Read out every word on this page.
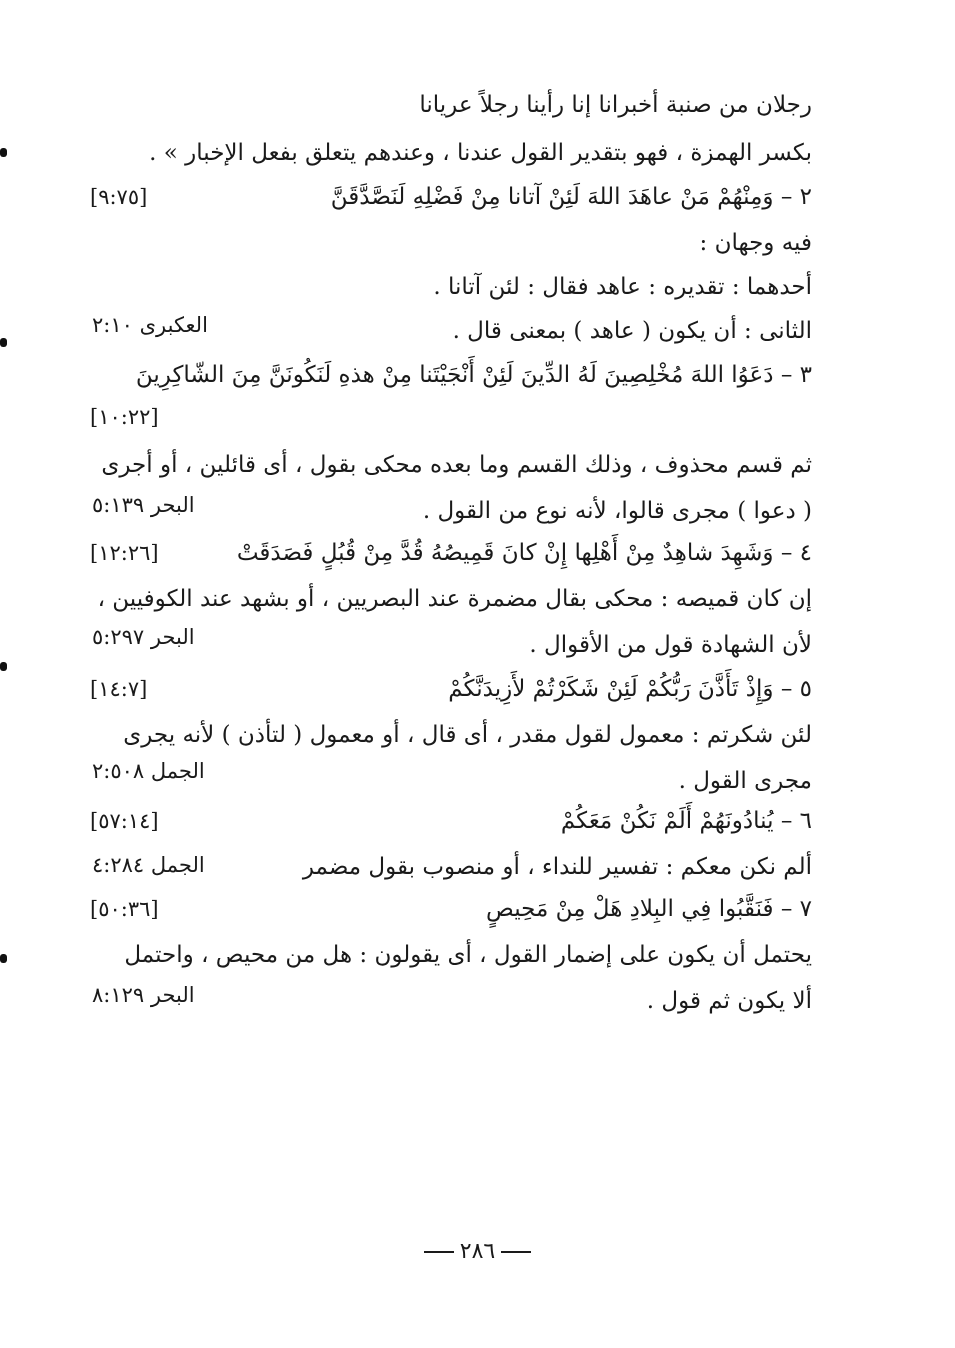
رجلان من صنبة أخبرانا إنا رأينا رجلاً عريانا
بكسر الهمزة ، فهو بتقدير القول عندنا ، وعندهم يتعلق بفعل الإخبار » .
٢ – وَمِنْهُمْ مَنْ عاهَدَ اللهَ لَئِنْ آتانا مِنْ فَضْلِهِ لَنَصَّدَّقَنَّ
[٩:٧٥]
فيه وجهان :
أحدهما : تقديره : عاهد فقال : لئن آتانا .
الثانى : أن يكون ( عاهد ) بمعنى قال .
العكبرى ٢:١٠
٣ – دَعَوُا اللهَ مُخْلِصِينَ لَهُ الدِّينَ لَئِنْ أَنْجَيْتَنا مِنْ هذهِ لَنَكُونَنَّ مِنَ الشّاكِرِينَ
[١٠:٢٢]
ثم قسم محذوف ، وذلك القسم وما بعده محكى بقول ، أى قائلين ، أو أجرى
( دعوا ) مجرى قالوا، لأنه نوع من القول .
البحر ٥:١٣٩
٤ – وَشَهِدَ شاهِدٌ مِنْ أَهْلِها إِنْ كانَ قَمِيصُهُ قُدَّ مِنْ قُبُلٍ فَصَدَقَتْ
[١٢:٢٦]
إن كان قميصه : محكى بقال مضمرة عند البصريين ، أو بشهد عند الكوفيين ،
لأن الشهادة قول من الأقوال .
البحر ٥:٢٩٧
٥ – وَإِذْ تَأَذَّنَ رَبُّكُمْ لَئِنْ شَكَرْتُمْ لأَزِيدَنَّكُمْ
[١٤:٧]
لئن شكرتم : معمول لقول مقدر ، أى قال ، أو معمول ( لتأذن ) لأنه يجرى
مجرى القول .
الجمل ٢:٥٠٨
٦ – يُنادُونَهُمْ أَلَمْ نَكُنْ مَعَكُمْ
[٥٧:١٤]
ألم نكن معكم : تفسير للنداء ، أو منصوب بقول مضمر
الجمل ٤:٢٨٤
٧ – فَنَقَّبُوا فِي البِلادِ هَلْ مِنْ مَحِيصٍ
[٥٠:٣٦]
يحتمل أن يكون على إضمار القول ، أى يقولون : هل من محيص ، واحتمل
ألا يكون ثم قول .
البحر ٨:١٢٩
٢٨٦
